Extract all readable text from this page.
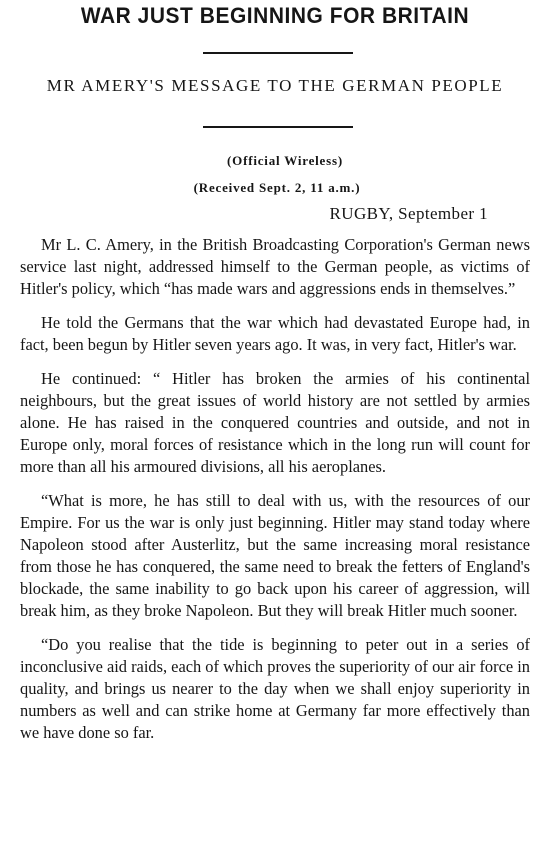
WAR JUST BEGINNING FOR BRITAIN
MR AMERY'S MESSAGE TO THE GERMAN PEOPLE
(Official Wireless)
(Received Sept. 2, 11 a.m.)
RUGBY, September 1

Mr L. C. Amery, in the British Broadcasting Corporation's German news service last night, addressed himself to the German people, as victims of Hitler's policy, which “has made wars and aggressions ends in themselves.”

He told the Germans that the war which had devastated Europe had, in fact, been begun by Hitler seven years ago. It was, in very fact, Hitler's war.

He continued: “ Hitler has broken the armies of his continental neighbours, but the great issues of world history are not settled by armies alone. He has raised in the conquered countries and outside, and not in Europe only, moral forces of resistance which in the long run will count for more than all his armoured divisions, all his aeroplanes.

“What is more, he has still to deal with us, with the resources of our Empire. For us the war is only just beginning. Hitler may stand today where Napoleon stood after Austerlitz, but the same increasing moral resistance from those he has conquered, the same need to break the fetters of England's blockade, the same inability to go back upon his career of aggression, will break him, as they broke Napoleon. But they will break Hitler much sooner.

“Do you realise that the tide is beginning to peter out in a series of inconclusive aid raids, each of which proves the superiority of our air force in quality, and brings us nearer to the day when we shall enjoy superiority in numbers as well and can strike home at Germany far more effectively than we have done so far.
